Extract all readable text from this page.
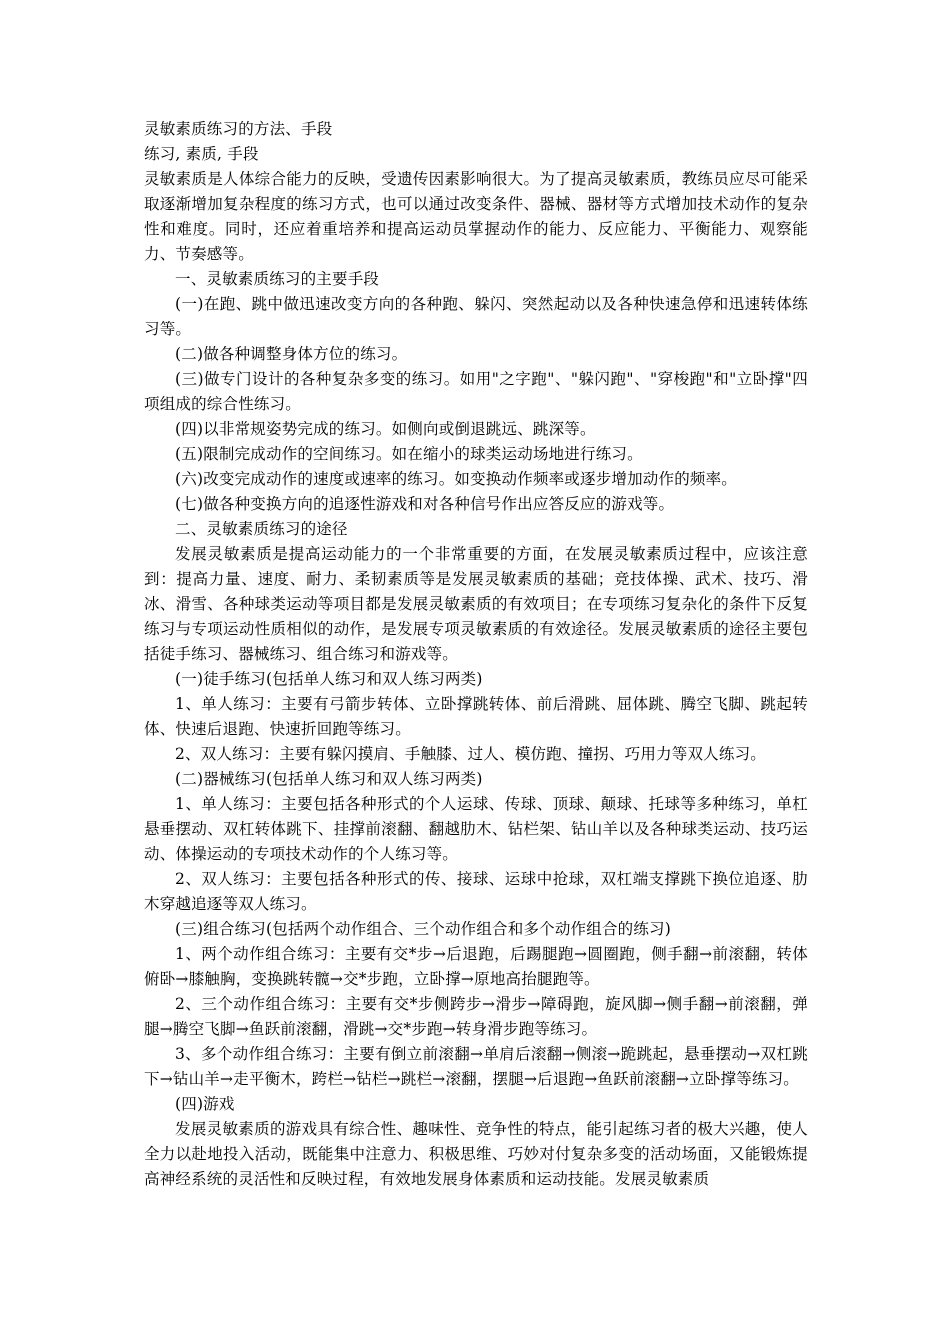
灵敏素质练习的方法、手段

练习, 素质, 手段

灵敏素质是人体综合能力的反映，受遗传因素影响很大。为了提高灵敏素质，教练员应尽可能采取逐渐增加复杂程度的练习方式，也可以通过改变条件、器械、器材等方式增加技术动作的复杂性和难度。同时，还应着重培养和提高运动员掌握动作的能力、反应能力、平衡能力、观察能力、节奏感等。

一、灵敏素质练习的主要手段

(一)在跑、跳中做迅速改变方向的各种跑、躲闪、突然起动以及各种快速急停和迅速转体练习等。

(二)做各种调整身体方位的练习。

(三)做专门设计的各种复杂多变的练习。如用"之字跑"、"躲闪跑"、"穿梭跑"和"立卧撑"四项组成的综合性练习。

(四)以非常规姿势完成的练习。如侧向或倒退跳远、跳深等。

(五)限制完成动作的空间练习。如在缩小的球类运动场地进行练习。

(六)改变完成动作的速度或速率的练习。如变换动作频率或逐步增加动作的频率。

(七)做各种变换方向的追逐性游戏和对各种信号作出应答反应的游戏等。

二、灵敏素质练习的途径

发展灵敏素质是提高运动能力的一个非常重要的方面，在发展灵敏素质过程中，应该注意到：提高力量、速度、耐力、柔韧素质等是发展灵敏素质的基础；竞技体操、武术、技巧、滑冰、滑雪、各种球类运动等项目都是发展灵敏素质的有效项目；在专项练习复杂化的条件下反复练习与专项运动性质相似的动作，是发展专项灵敏素质的有效途径。发展灵敏素质的途径主要包括徒手练习、器械练习、组合练习和游戏等。

(一)徒手练习(包括单人练习和双人练习两类)

1、单人练习：主要有弓箭步转体、立卧撑跳转体、前后滑跳、屈体跳、腾空飞脚、跳起转体、快速后退跑、快速折回跑等练习。

2、双人练习：主要有躲闪摸肩、手触膝、过人、模仿跑、撞拐、巧用力等双人练习。

(二)器械练习(包括单人练习和双人练习两类)

1、单人练习：主要包括各种形式的个人运球、传球、顶球、颠球、托球等多种练习，单杠悬垂摆动、双杠转体跳下、挂撑前滚翻、翻越肋木、钻栏架、钻山羊以及各种球类运动、技巧运动、体操运动的专项技术动作的个人练习等。

2、双人练习：主要包括各种形式的传、接球、运球中抢球，双杠端支撑跳下换位追逐、肋木穿越追逐等双人练习。

(三)组合练习(包括两个动作组合、三个动作组合和多个动作组合的练习)

1、两个动作组合练习：主要有交*步→后退跑，后踢腿跑→圆圈跑，侧手翻→前滚翻，转体俯卧→膝触胸，变换跳转髋→交*步跑，立卧撑→原地高抬腿跑等。

2、三个动作组合练习：主要有交*步侧跨步→滑步→障碍跑，旋风脚→侧手翻→前滚翻，弹腿→腾空飞脚→鱼跃前滚翻，滑跳→交*步跑→转身滑步跑等练习。

3、多个动作组合练习：主要有倒立前滚翻→单肩后滚翻→侧滚→跪跳起，悬垂摆动→双杠跳下→钻山羊→走平衡木，跨栏→钻栏→跳栏→滚翻，摆腿→后退跑→鱼跃前滚翻→立卧撑等练习。

(四)游戏

发展灵敏素质的游戏具有综合性、趣味性、竞争性的特点，能引起练习者的极大兴趣，使人全力以赴地投入活动，既能集中注意力、积极思维、巧妙对付复杂多变的活动场面，又能锻炼提高神经系统的灵活性和反映过程，有效地发展身体素质和运动技能。发展灵敏素质
